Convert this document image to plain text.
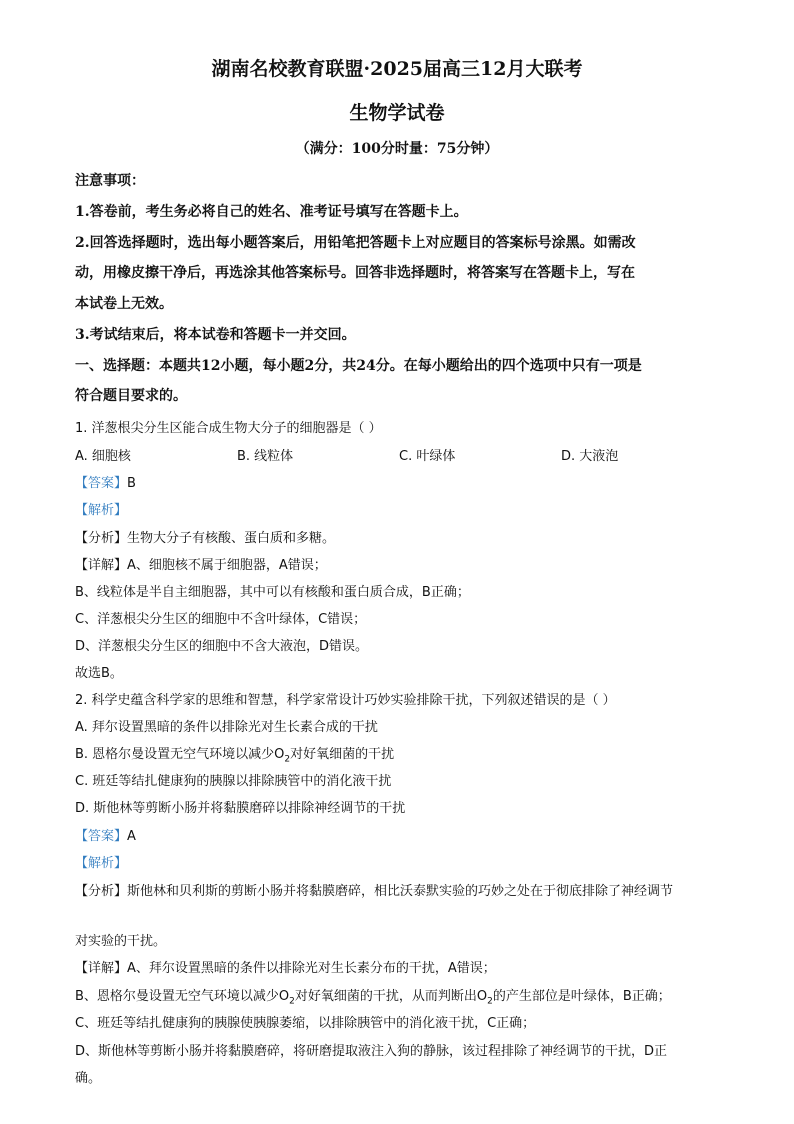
湖南名校教育联盟·2025届高三12月大联考
生物学试卷
（满分：100分时量：75分钟）
注意事项：
1.答卷前，考生务必将自己的姓名、准考证号填写在答题卡上。
2.回答选择题时，选出每小题答案后，用铅笔把答题卡上对应题目的答案标号涂黑。如需改
动，用橡皮擦干净后，再选涂其他答案标号。回答非选择题时，将答案写在答题卡上，写在
本试卷上无效。
3.考试结束后，将本试卷和答题卡一并交回。
一、选择题：本题共12小题，每小题2分，共24分。在每小题给出的四个选项中只有一项是
符合题目要求的。
1. 洋葱根尖分生区能合成生物大分子的细胞器是（ ）
A. 细胞核	B. 线粒体	C. 叶绿体	D. 大液泡
【答案】B
【解析】
【分析】生物大分子有核酸、蛋白质和多糖。
【详解】A、细胞核不属于细胞器，A错误；
B、线粒体是半自主细胞器，其中可以有核酸和蛋白质合成，B正确；
C、洋葱根尖分生区的细胞中不含叶绿体，C错误；
D、洋葱根尖分生区的细胞中不含大液泡，D错误。
故选B。
2. 科学史蕴含科学家的思维和智慧，科学家常设计巧妙实验排除干扰，下列叙述错误的是（ ）
A. 拜尔设置黑暗的条件以排除光对生长素合成的干扰
B. 恩格尔曼设置无空气环境以减少$O_2$对好氧细菌的干扰
C. 班廷等结扎健康狗的胰腺以排除胰管中的消化液干扰
D. 斯他林等剪断小肠并将黏膜磨碎以排除神经调节的干扰
【答案】A
【解析】
【分析】斯他林和贝利斯的剪断小肠并将黏膜磨碎，相比沃泰默实验的巧妙之处在于彻底排除了神经调节
对实验的干扰。
【详解】A、拜尔设置黑暗的条件以排除光对生长素分布的干扰，A错误；
B、恩格尔曼设置无空气环境以减少$O_2$对好氧细菌的干扰，从而判断出$O_2$的产生部位是叶绿体，B正确；
C、班廷等结扎健康狗的胰腺使胰腺萎缩，以排除胰管中的消化液干扰，C正确；
D、斯他林等剪断小肠并将黏膜磨碎，将研磨提取液注入狗的静脉，该过程排除了神经调节的干扰，D正
确。
